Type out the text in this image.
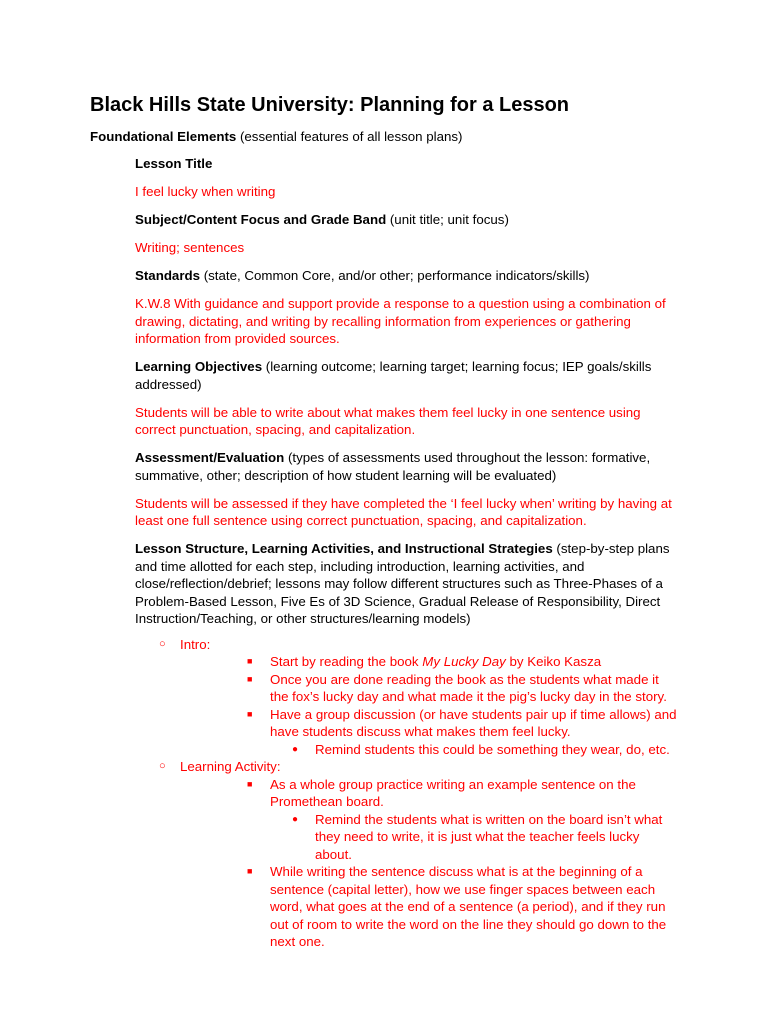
Black Hills State University: Planning for a Lesson
Foundational Elements (essential features of all lesson plans)

Lesson Title

I feel lucky when writing

Subject/Content Focus and Grade Band (unit title; unit focus)

Writing; sentences

Standards (state, Common Core, and/or other; performance indicators/skills)

K.W.8 With guidance and support provide a response to a question using a combination of drawing, dictating, and writing by recalling information from experiences or gathering information from provided sources.

Learning Objectives (learning outcome; learning target; learning focus; IEP goals/skills addressed)

Students will be able to write about what makes them feel lucky in one sentence using correct punctuation, spacing, and capitalization.

Assessment/Evaluation (types of assessments used throughout the lesson: formative, summative, other; description of how student learning will be evaluated)

Students will be assessed if they have completed the ‘I feel lucky when’ writing by having at least one full sentence using correct punctuation, spacing, and capitalization.

Lesson Structure, Learning Activities, and Instructional Strategies (step-by-step plans and time allotted for each step, including introduction, learning activities, and close/reflection/debrief; lessons may follow different structures such as Three-Phases of a Problem-Based Lesson, Five Es of 3D Science, Gradual Release of Responsibility, Direct Instruction/Teaching, or other structures/learning models)

○ Intro:
■ Start by reading the book My Lucky Day by Keiko Kasza
■ Once you are done reading the book as the students what made it the fox’s lucky day and what made it the pig’s lucky day in the story.
■ Have a group discussion (or have students pair up if time allows) and have students discuss what makes them feel lucky.
● Remind students this could be something they wear, do, etc.
○ Learning Activity:
■ As a whole group practice writing an example sentence on the Promethean board.
● Remind the students what is written on the board isn’t what they need to write, it is just what the teacher feels lucky about.
■ While writing the sentence discuss what is at the beginning of a sentence (capital letter), how we use finger spaces between each word, what goes at the end of a sentence (a period), and if they run out of room to write the word on the line they should go down to the next one.
